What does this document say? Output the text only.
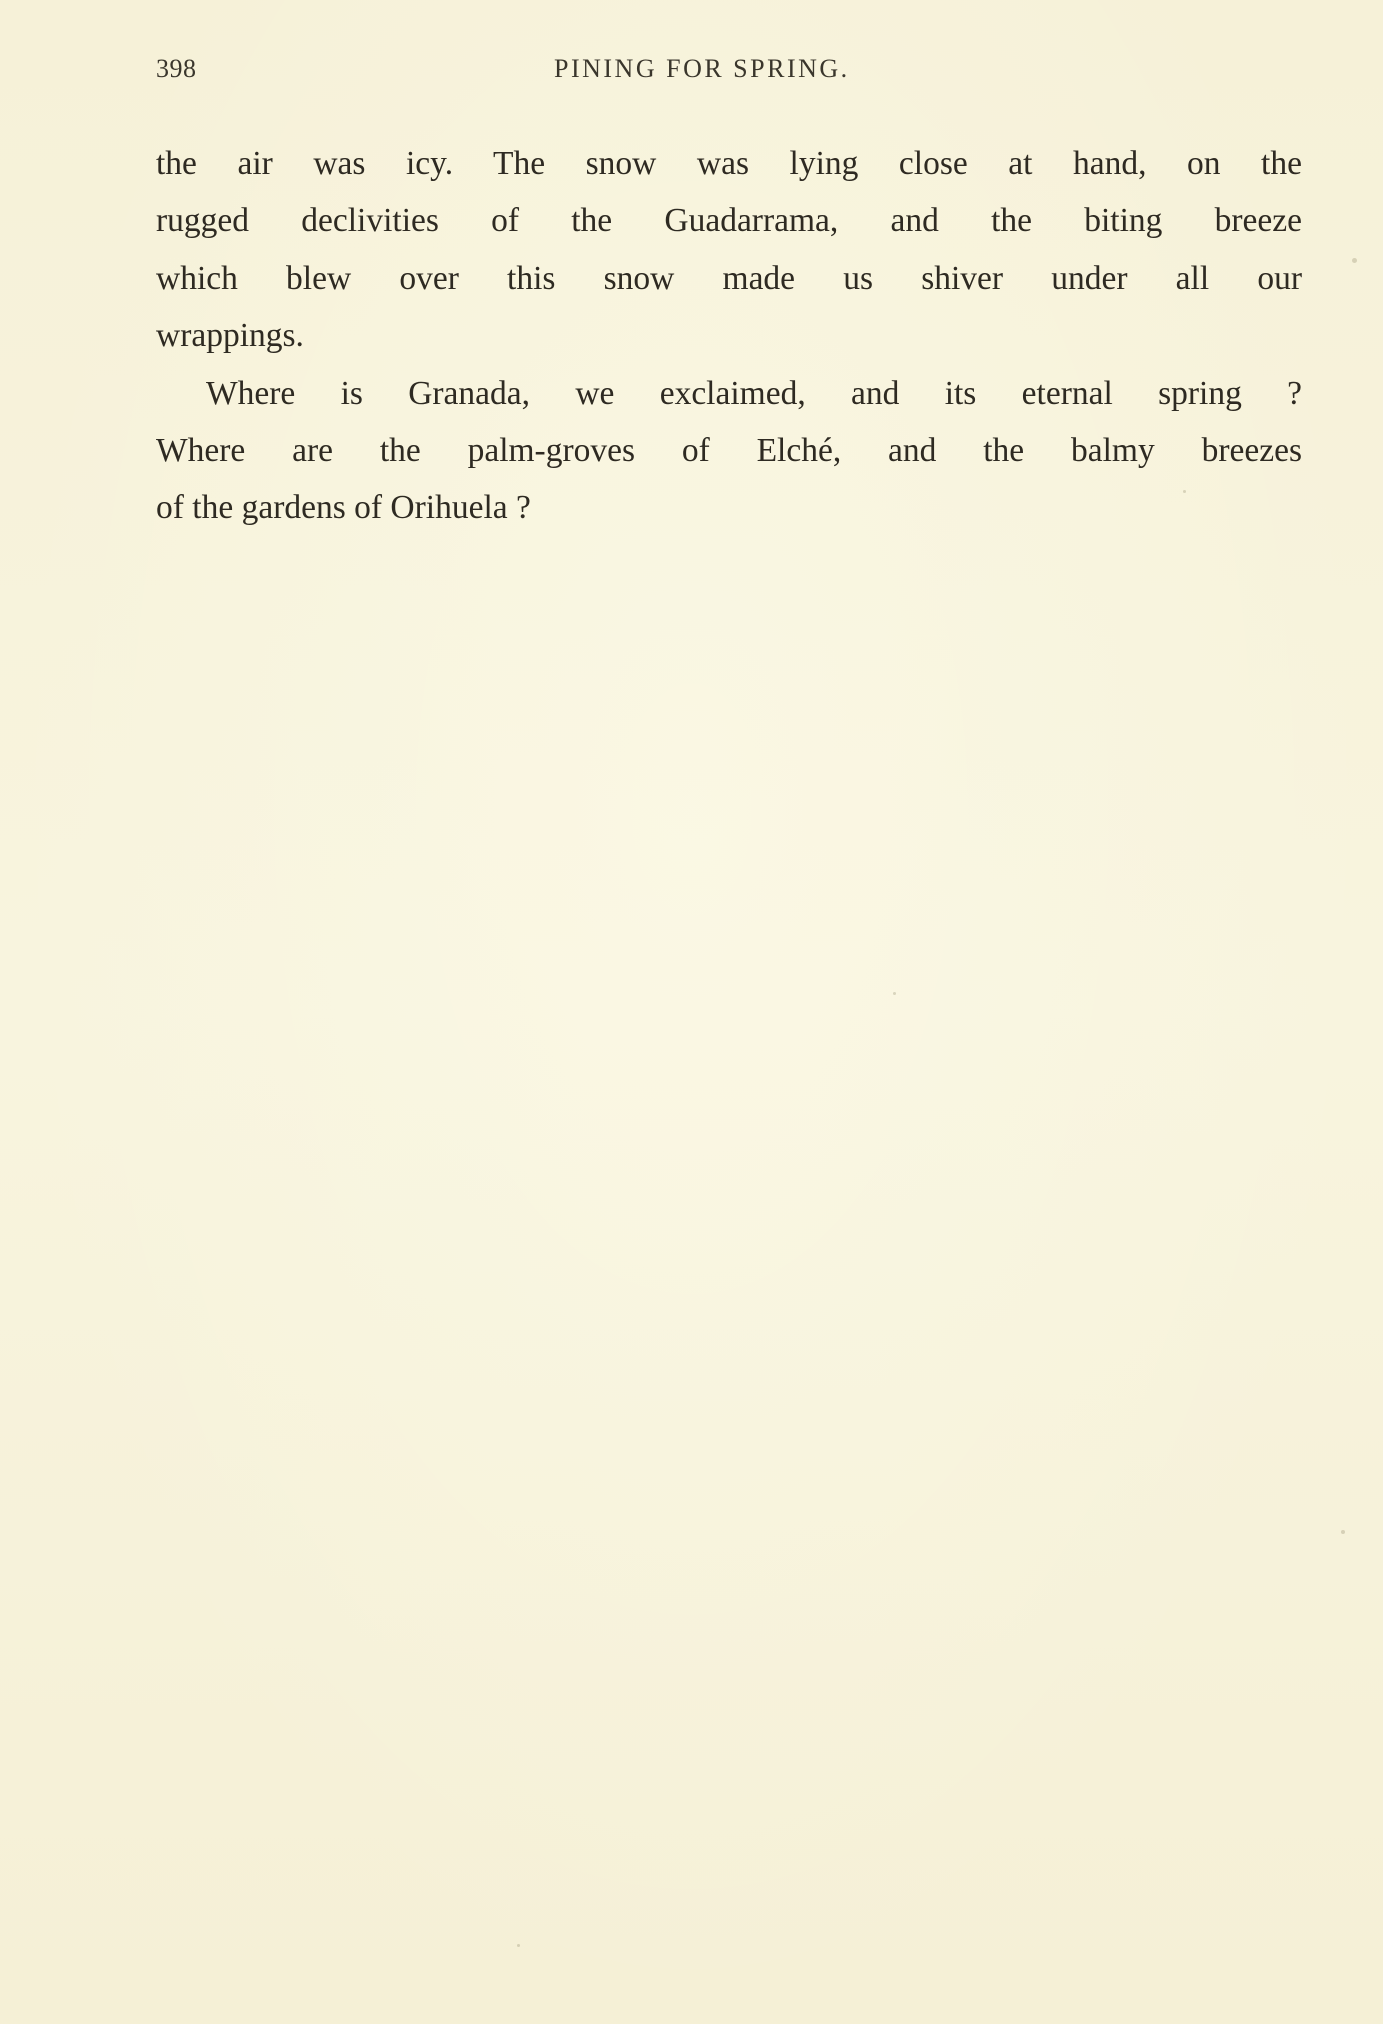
398	PINING FOR SPRING.
the air was icy. The snow was lying close at hand, on the
rugged declivities of the Guadarrama, and the biting breeze
which blew over this snow made us shiver under all our
wrappings.
Where is Granada, we exclaimed, and its eternal spring ?
Where are the palm-groves of Elché, and the balmy breezes
of the gardens of Orihuela ?
